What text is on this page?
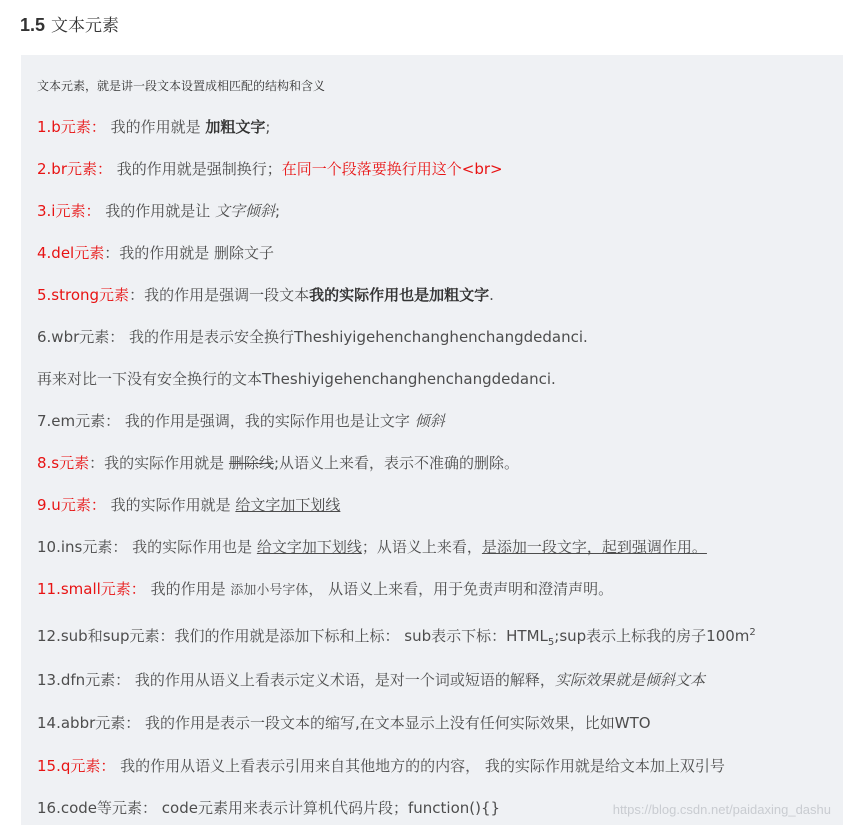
1.5 文本元素
文本元素，就是讲一段文本设置成相匹配的结构和含义
1.b元素： 我的作用就是 加粗文字;
2.br元素： 我的作用就是强制换行；在同一个段落要换行用这个<br>
3.i元素： 我的作用就是让 文字倾斜;
4.del元素：我的作用就是 删除文子
5.strong元素：我的作用是强调一段文本我的实际作用也是加粗文字.
6.wbr元素： 我的作用是表示安全换行Theshiyigehenchanghenchangdedanci.
再来对比一下没有安全换行的文本Theshiyigehenchanghenchangdedanci.
7.em元素： 我的作用是强调，我的实际作用也是让文字 倾斜
8.s元素：我的实际作用就是 删除线;从语义上来看，表示不准确的删除。
9.u元素： 我的实际作用就是 给文字加下划线
10.ins元素： 我的实际作用也是 给文字加下划线；从语义上来看，是添加一段文字，起到强调作用。
11.small元素： 我的作用是 添加小号字体， 从语义上来看，用于免责声明和澄清声明。
12.sub和sup元素：我们的作用就是添加下标和上标： sub表示下标：$HTML_5;sup$表示上标我的房子$100m^2$
13.dfn元素： 我的作用从语义上看表示定义术语，是对一个词或短语的解释，实际效果就是倾斜文本
14.abbr元素： 我的作用是表示一段文本的缩写,在文本显示上没有任何实际效果，比如WTO
15.q元素： 我的作用从语义上看表示引用来自其他地方的的内容， 我的实际作用就是给文本加上双引号
16.code等元素： code元素用来表示计算机代码片段；function(){}	https://blog.csdn.net/paidaxing_dashu
